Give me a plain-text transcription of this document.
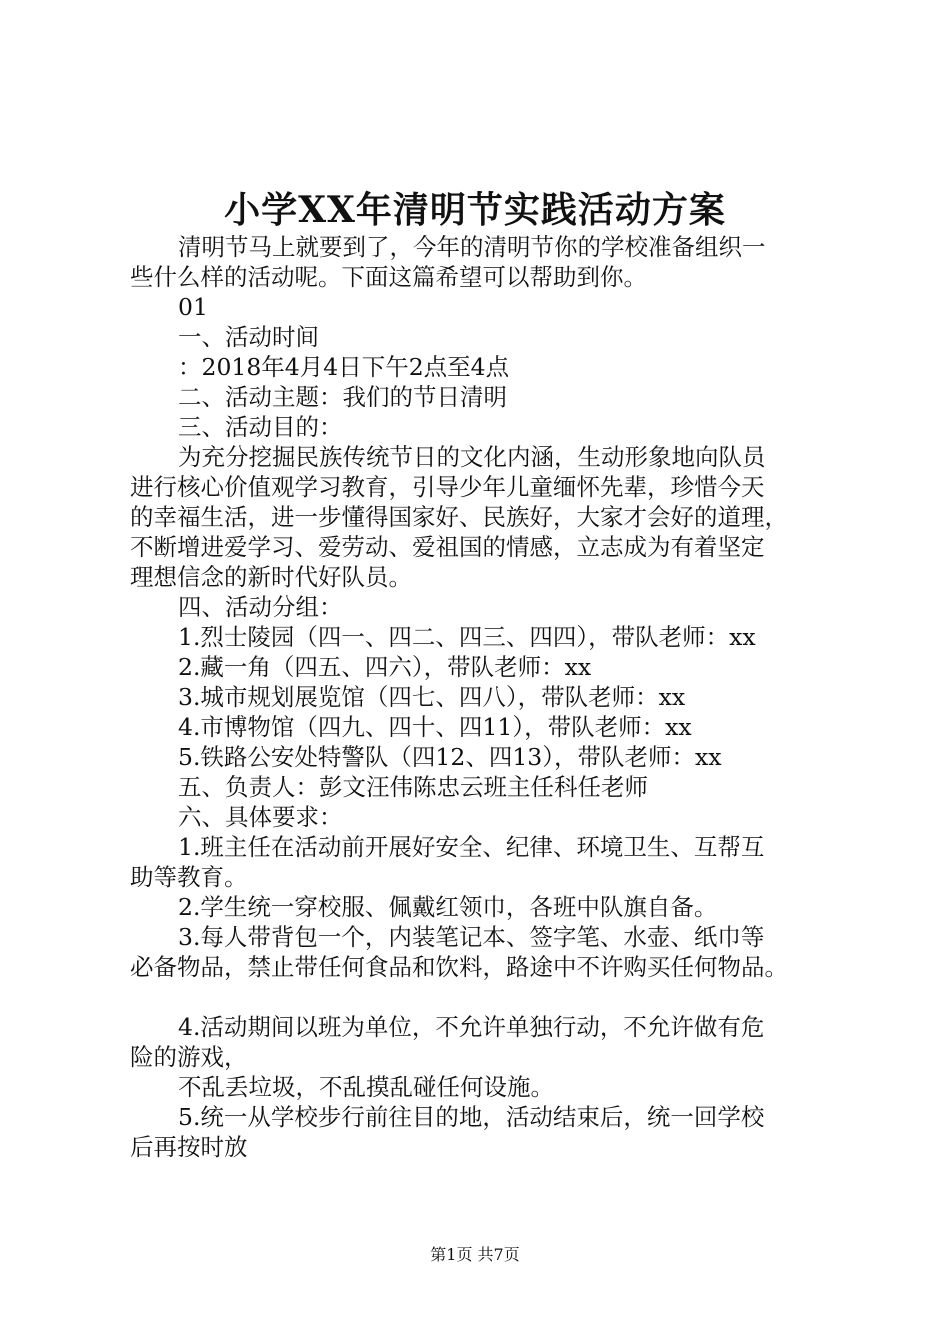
小学XX年清明节实践活动方案

清明节马上就要到了，今年的清明节你的学校准备组织一

些什么样的活动呢。下面这篇希望可以帮助到你。

01

一、活动时间

：2018年4月4日下午2点至4点

二、活动主题：我们的节日清明

三、活动目的：

为充分挖掘民族传统节日的文化内涵，生动形象地向队员

进行核心价值观学习教育，引导少年儿童缅怀先辈，珍惜今天

的幸福生活，进一步懂得国家好、民族好，大家才会好的道理，

不断增进爱学习、爱劳动、爱祖国的情感，立志成为有着坚定

理想信念的新时代好队员。

四、活动分组：

1.烈士陵园（四一、四二、四三、四四），带队老师：xx

2.藏一角（四五、四六），带队老师：xx

3.城市规划展览馆（四七、四八），带队老师：xx

4.市博物馆（四九、四十、四11），带队老师：xx

5.铁路公安处特警队（四12、四13），带队老师：xx

五、负责人：彭文汪伟陈忠云班主任科任老师

六、具体要求：

1.班主任在活动前开展好安全、纪律、环境卫生、互帮互

助等教育。

2.学生统一穿校服、佩戴红领巾，各班中队旗自备。

3.每人带背包一个，内装笔记本、签字笔、水壶、纸巾等

必备物品，禁止带任何食品和饮料，路途中不许购买任何物品。

4.活动期间以班为单位，不允许单独行动，不允许做有危

险的游戏，

不乱丢垃圾，不乱摸乱碰任何设施。

5.统一从学校步行前往目的地，活动结束后，统一回学校

后再按时放

第1页 共7页
